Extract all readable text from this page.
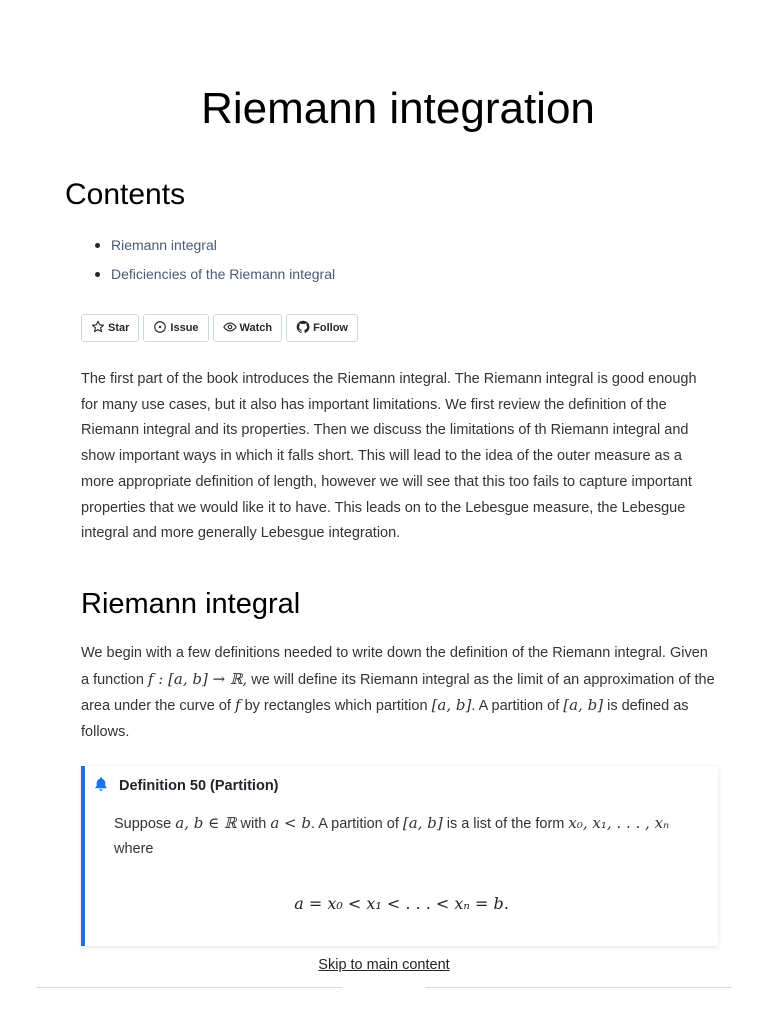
Riemann integration
Contents
Riemann integral
Deficiencies of the Riemann integral
Star	Issue	Watch	Follow

The first part of the book introduces the Riemann integral. The Riemann integral is good enough for many use cases, but it also has important limitations. We first review the definition of the Riemann integral and its properties. Then we discuss the limitations of th Riemann integral and show important ways in which it falls short. This will lead to the idea of the outer measure as a more appropriate definition of length, however we will see that this too fails to capture important properties that we would like it to have. This leads on to the Lebesgue measure, the Lebesgue integral and more generally Lebesgue integration.

Riemann integral

We begin with a few definitions needed to write down the definition of the Riemann integral. Given a function f : [a, b] → ℝ, we will define its Riemann integral as the limit of an approximation of the area under the curve of f by rectangles which partition [a, b]. A partition of [a, b] is defined as follows.

Definition 50 (Partition)

Suppose a, b ∈ ℝ with a < b. A partition of [a, b] is a list of the form x₀, x₁, . . . , xₙ where

a = x₀ < x₁ < . . . < xₙ = b.
Skip to main content
